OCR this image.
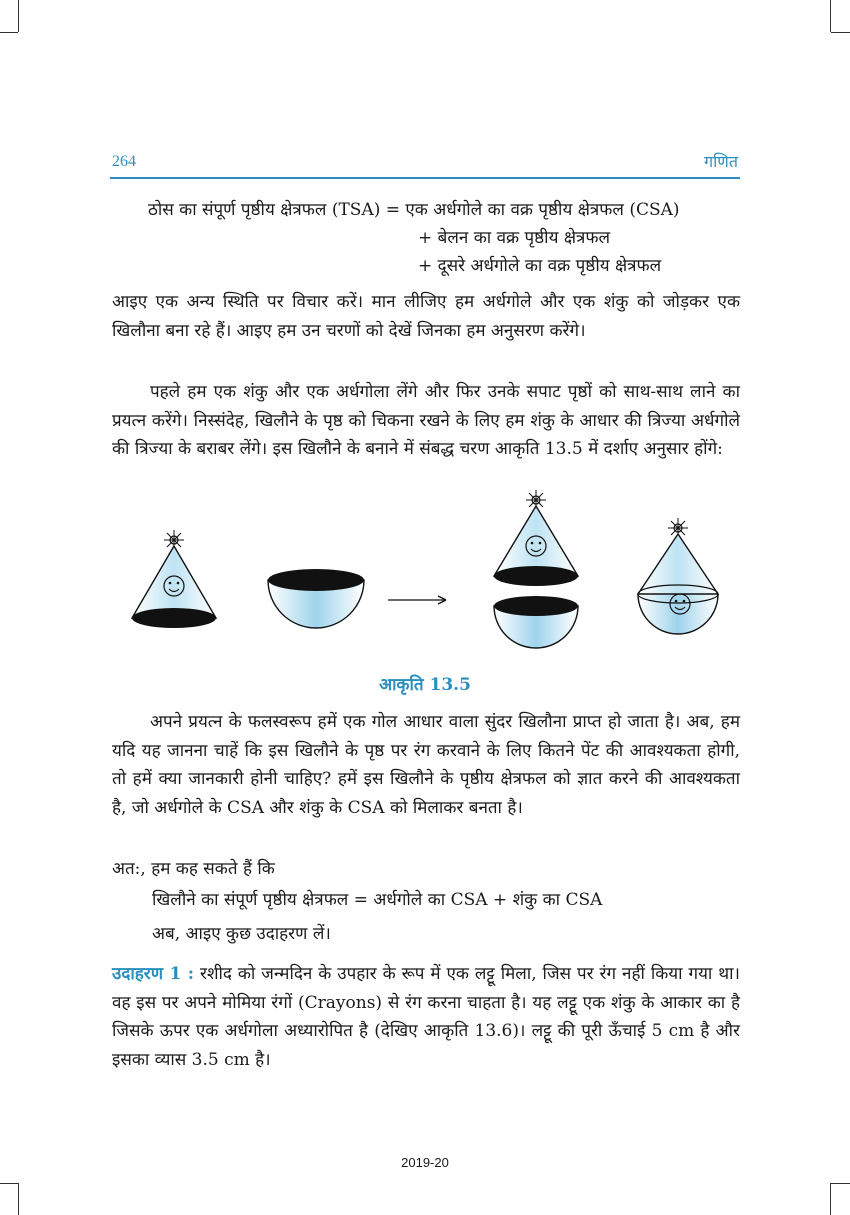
264	गणित
ठोस का संपूर्ण पृष्ठीय क्षेत्रफल (TSA) = एक अर्धगोले का वक्र पृष्ठीय क्षेत्रफल (CSA)
+ बेलन का वक्र पृष्ठीय क्षेत्रफल
+ दूसरे अर्धगोले का वक्र पृष्ठीय क्षेत्रफल
आइए एक अन्य स्थिति पर विचार करें। मान लीजिए हम अर्धगोले और एक शंकु को जोड़कर एक खिलौना बना रहे हैं। आइए हम उन चरणों को देखें जिनका हम अनुसरण करेंगे।
पहले हम एक शंकु और एक अर्धगोला लेंगे और फिर उनके सपाट पृष्ठों को साथ-साथ लाने का प्रयत्न करेंगे। निस्संदेह, खिलौने के पृष्ठ को चिकना रखने के लिए हम शंकु के आधार की त्रिज्या अर्धगोले की त्रिज्या के बराबर लेंगे। इस खिलौने के बनाने में संबद्ध चरण आकृति 13.5 में दर्शाए अनुसार होंगे:
आकृति 13.5
अपने प्रयत्न के फलस्वरूप हमें एक गोल आधार वाला सुंदर खिलौना प्राप्त हो जाता है। अब, हम यदि यह जानना चाहें कि इस खिलौने के पृष्ठ पर रंग करवाने के लिए कितने पेंट की आवश्यकता होगी, तो हमें क्या जानकारी होनी चाहिए? हमें इस खिलौने के पृष्ठीय क्षेत्रफल को ज्ञात करने की आवश्यकता है, जो अर्धगोले के CSA और शंकु के CSA को मिलाकर बनता है।
अत:, हम कह सकते हैं कि
खिलौने का संपूर्ण पृष्ठीय क्षेत्रफल = अर्धगोले का CSA + शंकु का CSA
अब, आइए कुछ उदाहरण लें।
उदाहरण 1 : रशीद को जन्मदिन के उपहार के रूप में एक लट्टू मिला, जिस पर रंग नहीं किया गया था। वह इस पर अपने मोमिया रंगों (Crayons) से रंग करना चाहता है। यह लट्टू एक शंकु के आकार का है जिसके ऊपर एक अर्धगोला अध्यारोपित है (देखिए आकृति 13.6)। लट्टू की पूरी ऊँचाई 5 cm है और इसका व्यास 3.5 cm है।
2019-20
